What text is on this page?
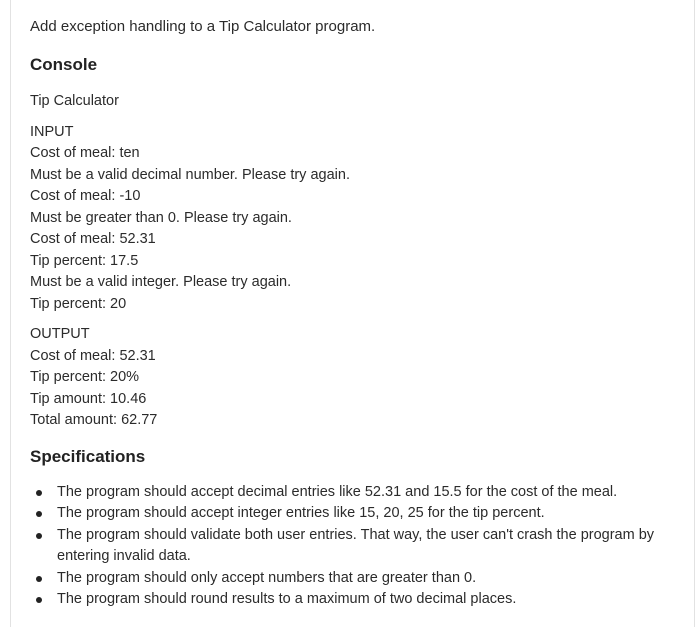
Add exception handling to a Tip Calculator program.

Console

Tip Calculator

INPUT

Cost of meal: ten

Must be a valid decimal number. Please try again.

Cost of meal: -10

Must be greater than 0. Please try again.

Cost of meal: 52.31

Tip percent: 17.5

Must be a valid integer. Please try again.

Tip percent: 20

OUTPUT

Cost of meal: 52.31

Tip percent: 20%

Tip amount: 10.46

Total amount: 62.77

Specifications
The program should accept decimal entries like 52.31 and 15.5 for the cost of the meal.
The program should accept integer entries like 15, 20, 25 for the tip percent.
The program should validate both user entries. That way, the user can't crash the program by entering invalid data.
The program should only accept numbers that are greater than 0.
The program should round results to a maximum of two decimal places.
